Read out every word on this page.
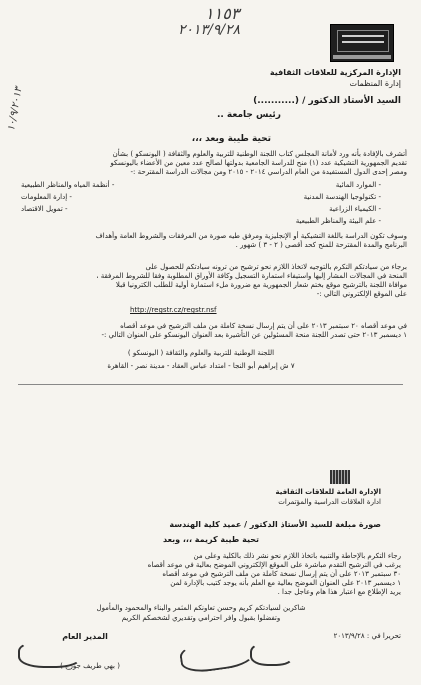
١١٥٣
٢٠١٣/٩/٢٨
١٠/٩/٢٠١٣
الإدارة المركزية للعلاقات الثقافية
إدارة المنظمات
السيد الأستاذ الدكتور / (...........)
رئيس جامعة ..
تحية طيبة وبعد ،،،
أتشرف بالإفادة بأنه ورد لأمانة المجلس كتاب اللجنة الوطنية للتربية والعلوم والثقافة ( اليونسكو ) بشأن
تقديم الجمهورية التشيكية عدد (١) منح للدراسة الجامعية بدولتها لصالح عدد معين من الأعضاء باليونسكو
ومصر إحدى الدول المستفيدة من العام الدراسي ٢٠١٤ - ٢٠١٥ ومن مجالات الدراسة المقترحة :-
- الموارد المائية
- أنظمة المياه والمناظر الطبيعية
- تكنولوجيا الهندسة المدنية
- إدارة المعلومات
- الكيمياء الزراعية
- تمويل الاقتصاد
- علم البيئة والمناظر الطبيعية
وسوف تكون الدراسة باللغة التشيكية أو الإنجليزية ومرفق طيه صورة من المرفقات والشروط العامة وأهداف
البرنامج والمدة المقترحة للمنح كحد أقصى ( ٢ - ٣ ) شهور .
برجاء من سيادتكم التكرم بالتوجيه لاتخاذ اللازم نحو ترشيح من ترونه سيادتكم للحصول على
المنحة في المجالات المشار إليها واستيفاء استمارة التسجيل وكافة الأوراق المطلوبة وفقا للشروط المرفقة ،
موافاة اللجنة بالترشيح موقع بختم شعار الجمهورية مع ضرورة ملء استمارة أولية للطلب الكترونيا قبلا
على الموقع الإلكتروني التالي :-
http://regstr.cz/regstr.nsf
في موعد أقصاه ٢٠ سبتمبر ٢٠١٣ على أن يتم إرسال نسخة كاملة من ملف الترشيح في موعد أقصاه
١ ديسمبر ٢٠١٣ حتى تصدر اللجنة منحة المسئولين عن التأشيرة بعد العنوان اليونسكو على العنوان التالي :-
اللجنة الوطنية للتربية والعلوم والثقافة ( اليونسكو )
٧ ش إبراهيم أبو النجا - امتداد عباس العقاد - مدينة نصر - القاهرة
الإدارة العامة للعلاقات الثقافية
ادارة العلاقات الدراسية والمؤتمرات
صورة مبلغة للسيد الأستاذ الدكتور / عميد كلية الهندسة
تحية طيبة كريمة ،،، وبعد
رجاء التكرم بالإحاطة والتنبيه باتخاذ اللازم نحو نشر ذلك بالكلية وعلى من
يرغب في الترشيح التقدم مباشرة على الموقع الإلكتروني الموضح بعالية في موعد أقصاه
٣٠ سبتمبر ٢٠١٣ على أن يتم إرسال نسخة كاملة من ملف الترشيح في موعد أقصاه
١ ديسمبر ٢٠١٣ على العنوان الموضح بعالية مع العلم بأنه يوجد كتيب بالإدارة لمن
يريد الإطلاع مع اعتبار هذا هام وعاجل جدا .
شاكرين لسيادتكم كريم وحسن تعاونكم المثمر والبناء والمحمود والمأمول
وتفضلوا بقبول وافر احترامي وتقديري لشخصكم الكريم
تحريرا في : ٢٠١٣/٩/٢٨
المدير العام
( بهي طريف جورج )
